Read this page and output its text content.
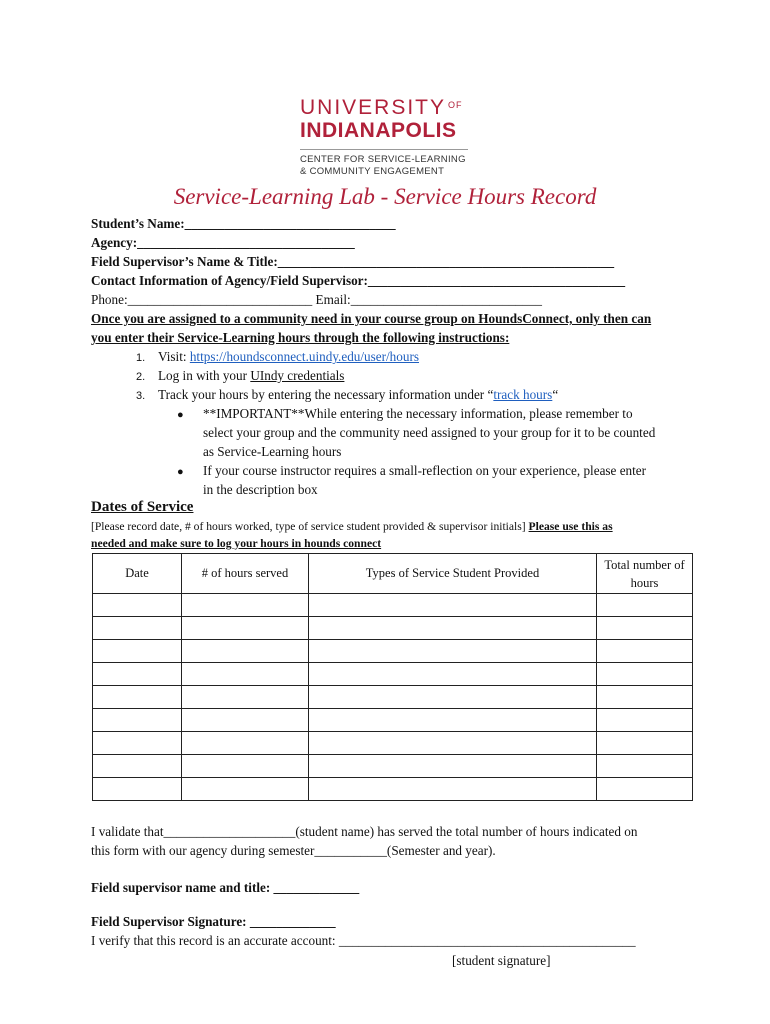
UNIVERSITY $^{OF}$
INDIANAPOLIS
CENTER FOR SERVICE-LEARNING
& COMMUNITY ENGAGEMENT
Service-Learning Lab - Service Hours Record
Student’s Name:________________________________
Agency:_________________________________
Field Supervisor’s Name & Title:___________________________________________________
Contact Information of Agency/Field Supervisor:_______________________________________
Phone:____________________________ Email:_____________________________
Once you are assigned to a community need in your course group on HoundsConnect, only then can
you enter their Service-Learning hours through the following instructions:
1. Visit: https://houndsconnect.uindy.edu/user/hours
2. Log in with your UIndy credentials
3. Track your hours by entering the necessary information under “track hours“
● **IMPORTANT**While entering the necessary information, please remember to
select your group and the community need assigned to your group for it to be counted
as Service-Learning hours
● If your course instructor requires a small-reflection on your experience, please enter
in the description box
Dates of Service
[Please record date, # of hours worked, type of service student provided & supervisor initials] Please use this as
needed and make sure to log your hours in hounds connect
Date	# of hours served	Types of Service Student Provided	Total number of
hours

I validate that____________________(student name) has served the total number of hours indicated on
this form with our agency during semester___________(Semester and year).
Field supervisor name and title: _____________
Field Supervisor Signature: _____________
I verify that this record is an accurate account: _____________________________________________
[student signature]
